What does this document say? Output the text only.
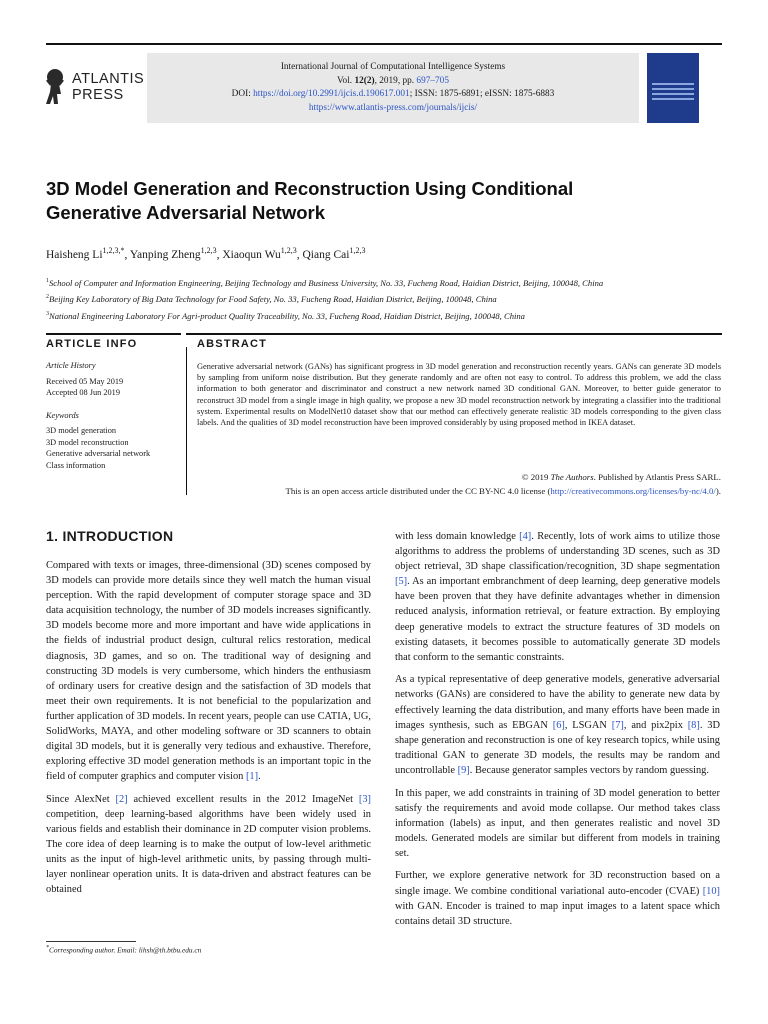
ATLANTIS
PRESS
International Journal of Computational Intelligence Systems
Vol. 12(2), 2019, pp. 697–705
DOI: https://doi.org/10.2991/ijcis.d.190617.001; ISSN: 1875-6891; eISSN: 1875-6883
https://www.atlantis-press.com/journals/ijcis/
3D Model Generation and Reconstruction Using Conditional
Generative Adversarial Network
Haisheng $Li^{1,2,3,*}$, Yanping Zheng$^{1,2,3}$, Xiaoqun Wu$^{1,2,3}$, Qiang Cai$^{1,2,3}$
$^1$School of Computer and Information Engineering, Beijing Technology and Business University, No. 33, Fucheng Road, Haidian District, Beijing, 100048, China
$^2$Beijing Key Laboratory of Big Data Technology for Food Safety, No. 33, Fucheng Road, Haidian District, Beijing, 100048, China
$^3$National Engineering Laboratory For Agri-product Quality Traceability, No. 33, Fucheng Road, Haidian District, Beijing, 100048, China
ARTICLE INFO	ABSTRACT
Article History
Received 05 May 2019
Accepted 08 Jun 2019
Keywords
3D model generation
3D model reconstruction
Generative adversarial network
Class information
Generative adversarial network (GANs) has significant progress in 3D model generation and reconstruction recently years. GANs can generate 3D models by sampling from uniform noise distribution. But they generate randomly and are often not easy to control. To address this problem, we add the class information to both generator and discriminator and construct a new network named 3D conditional GAN. Moreover, to better guide generator to reconstruct 3D model from a single image in high quality, we propose a new 3D model reconstruction network by integrating a classifier into the traditional system. Experimental results on ModelNet10 dataset show that our method can effectively generate realistic 3D models corresponding to the given class labels. And the qualities of 3D model reconstruction have been improved considerably by using proposed method in IKEA dataset.
© 2019 The Authors. Published by Atlantis Press SARL.
This is an open access article distributed under the CC BY-NC 4.0 license (http://creativecommons.org/licenses/by-nc/4.0/).
1. INTRODUCTION

Compared with texts or images, three-dimensional (3D) scenes composed by 3D models can provide more details since they well match the human visual perception. With the rapid development of computer storage space and 3D data acquisition technology, the number of 3D models increases significantly. 3D models become more and more important and have wide applications in the fields of industrial product design, cultural relics restoration, medical diagnosis, 3D games, and so on. The traditional way of designing and constructing 3D models is very cumbersome, which hinders the enthusiasm of ordinary users for creative design and the satisfaction of 3D models that meet their own requirements. It is not beneficial to the popularization and further application of 3D models. In recent years, people can use CATIA, UG, SolidWorks, MAYA, and other modeling software or 3D scanners to obtain digital 3D models, but it is generally very tedious and exhaustive. Therefore, exploring effective 3D model generation methods is an important topic in the field of computer graphics and computer vision [1].

Since AlexNet [2] achieved excellent results in the 2012 ImageNet [3] competition, deep learning-based algorithms have been widely used in various fields and establish their dominance in 2D computer vision problems. The core idea of deep learning is to make the output of low-level arithmetic units as the input of high-level arithmetic units, by passing through multi-layer nonlinear operation units. It is data-driven and abstract features can be obtained

with less domain knowledge [4]. Recently, lots of work aims to utilize those algorithms to address the problems of understanding 3D scenes, such as 3D object retrieval, 3D shape classification/recognition, 3D shape segmentation [5]. As an important embranchment of deep learning, deep generative models have been proven that they have definite advantages whether in dimension reduced analysis, information retrieval, or feature extraction. By employing deep generative models to extract the structure features of 3D models on existing datasets, it becomes possible to automatically generate 3D models that conform to the semantic constraints.

As a typical representative of deep generative models, generative adversarial networks (GANs) are considered to have the ability to generate new data by effectively learning the data distribution, and many efforts have been made in images synthesis, such as EBGAN [6], LSGAN [7], and pix2pix [8]. 3D shape generation and reconstruction is one of key research topics, while using traditional GAN to generate 3D models, the results may be random and uncontrollable [9]. Because generator samples vectors by random guessing.

In this paper, we add constraints in training of 3D model generation to better satisfy the requirements and avoid mode collapse. Our method takes class information (labels) as input, and then generates realistic and novel 3D models. Generated models are similar but different from models in training set.

Further, we explore generative network for 3D reconstruction based on a single image. We combine conditional variational auto-encoder (CVAE) [10] with GAN. Encoder is trained to map input images to a latent space which contains detail 3D structure.

*Corresponding author. Email: lihsh@th.btbu.edu.cn
